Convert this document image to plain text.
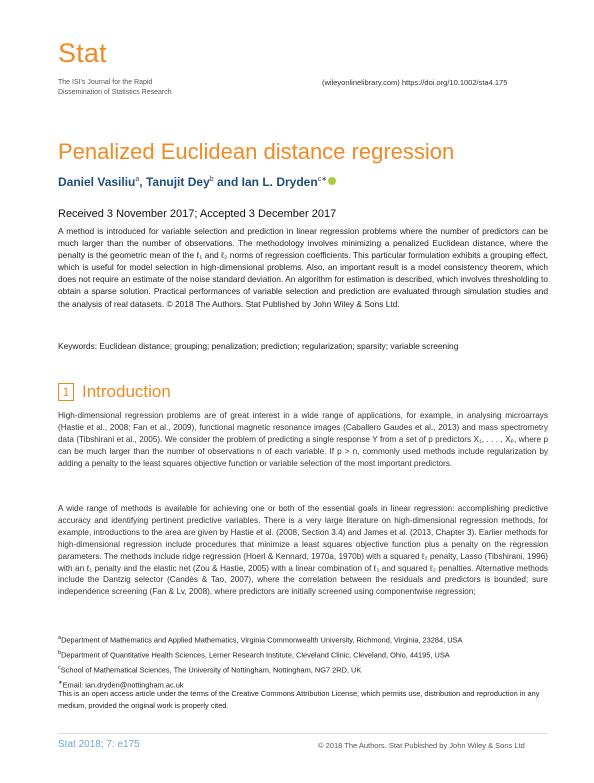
Stat
The ISI's Journal for the Rapid
Dissemination of Statistics Research
(wileyonlinelibrary.com) https://doi.org/10.1002/sta4.175
Penalized Euclidean distance regression
Daniel Vasiliu$^a$, Tanujit Dey$^b$ and Ian L. Dryden$^{c∗}$
Received 3 November 2017; Accepted 3 December 2017
A method is introduced for variable selection and prediction in linear regression problems where the number of predictors can be much larger than the number of observations. The methodology involves minimizing a penalized Euclidean distance, where the penalty is the geometric mean of the ℓ₁ and ℓ₂ norms of regression coefficients. This particular formulation exhibits a grouping effect, which is useful for model selection in high-dimensional problems. Also, an important result is a model consistency theorem, which does not require an estimate of the noise standard deviation. An algorithm for estimation is described, which involves thresholding to obtain a sparse solution. Practical performances of variable selection and prediction are evaluated through simulation studies and the analysis of real datasets. © 2018 The Authors. Stat Published by John Wiley & Sons Ltd.
Keywords: Euclidean distance; grouping; penalization; prediction; regularization; sparsity; variable screening
1 Introduction
High-dimensional regression problems are of great interest in a wide range of applications, for example, in analysing microarrays (Hastie et al., 2008; Fan et al., 2009), functional magnetic resonance images (Caballero Gaudes et al., 2013) and mass spectrometry data (Tibshirani et al., 2005). We consider the problem of predicting a single response Y from a set of p predictors X₁, . . . , Xₚ, where p can be much larger than the number of observations n of each variable. If p > n, commonly used methods include regularization by adding a penalty to the least squares objective function or variable selection of the most important predictors.
A wide range of methods is available for achieving one or both of the essential goals in linear regression: accomplishing predictive accuracy and identifying pertinent predictive variables. There is a very large literature on high-dimensional regression methods, for example, introductions to the area are given by Hastie et al. (2008, Section 3.4) and James et al. (2013, Chapter 3). Earlier methods for high-dimensional regression include procedures that minimize a least squares objective function plus a penalty on the regression parameters. The methods include ridge regression (Hoerl & Kennard, 1970a, 1970b) with a squared ℓ₂ penalty, Lasso (Tibshirani, 1996) with an ℓ₁ penalty and the elastic net (Zou & Hastie, 2005) with a linear combination of ℓ₁ and squared ℓ₂ penalties. Alternative methods include the Dantzig selector (Candès & Tao, 2007), where the correlation between the residuals and predictors is bounded; sure independence screening (Fan & Lv, 2008), where predictors are initially screened using componentwise regression;
$^a$Department of Mathematics and Applied Mathematics, Virginia Commonwealth University, Richmond, Virginia, 23284, USA
$^b$Department of Quantitative Health Sciences, Lerner Research Institute, Cleveland Clinic, Cleveland, Ohio, 44195, USA
$^c$School of Mathematical Sciences, The University of Nottingham, Nottingham, NG7 2RD, UK
∗Email: ian.dryden@nottingham.ac.uk
This is an open access article under the terms of the Creative Commons Attribution License, which permits use, distribution and reproduction in any medium, provided the original work is properly cited.
Stat 2018; 7: e175	© 2018 The Authors. Stat Published by John Wiley & Sons Ltd
